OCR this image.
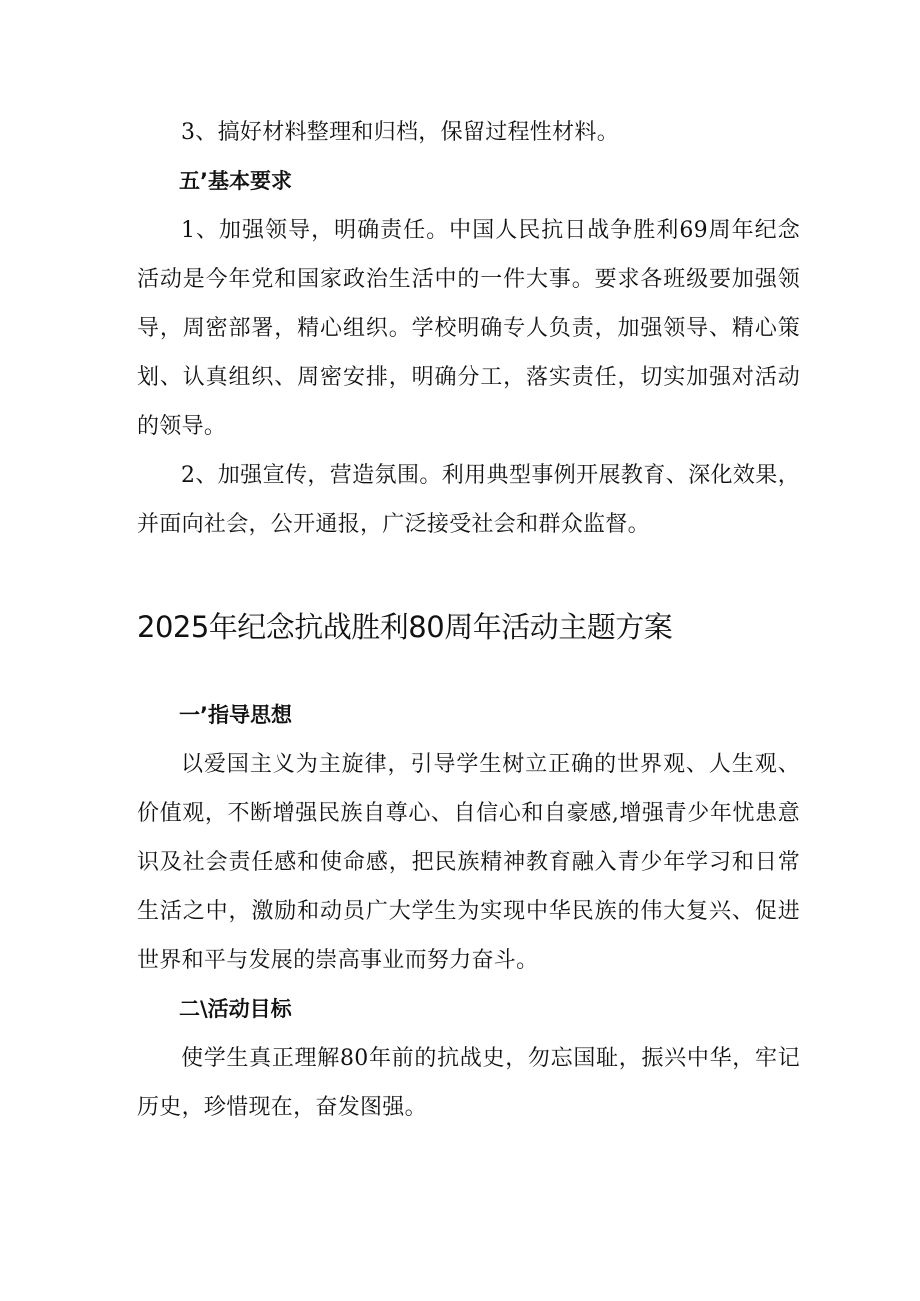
3、搞好材料整理和归档，保留过程性材料。

五’基本要求

1、加强领导，明确责任。中国人民抗日战争胜利69周年纪念活动是今年党和国家政治生活中的一件大事。要求各班级要加强领导，周密部署，精心组织。学校明确专人负责，加强领导、精心策划、认真组织、周密安排，明确分工，落实责任，切实加强对活动的领导。

2、加强宣传，营造氛围。利用典型事例开展教育、深化效果，并面向社会，公开通报，广泛接受社会和群众监督。

2025年纪念抗战胜利80周年活动主题方案

一’指导思想

以爱国主义为主旋律，引导学生树立正确的世界观、人生观、价值观，不断增强民族自尊心、自信心和自豪感,增强青少年忧患意识及社会责任感和使命感，把民族精神教育融入青少年学习和日常生活之中，激励和动员广大学生为实现中华民族的伟大复兴、促进世界和平与发展的崇高事业而努力奋斗。

二\活动目标

使学生真正理解80年前的抗战史，勿忘国耻，振兴中华，牢记历史，珍惜现在，奋发图强。
